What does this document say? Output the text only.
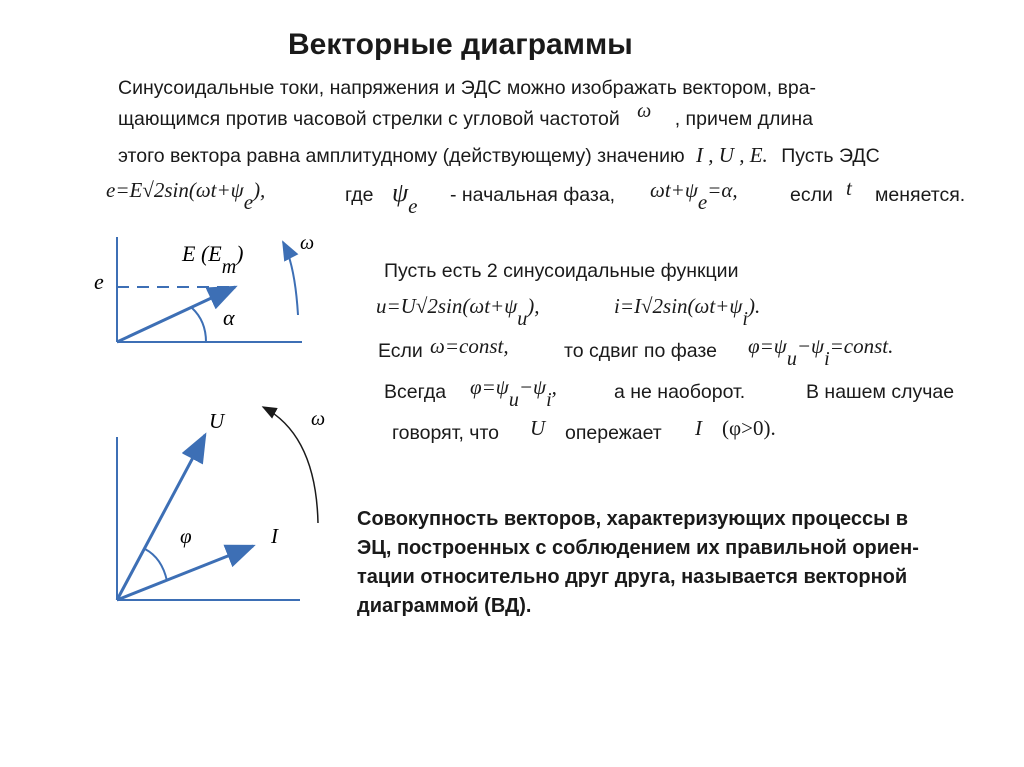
Векторные диаграммы
Синусоидальные токи, напряжения и ЭДС можно изображать вектором, вра-
щающимся против часовой стрелки с угловой частотой ω , причем длина
этого вектора равна амплитудному (действующему) значению I , U , E. Пусть ЭДС
e=E√2sin(ωt+ψe),	где ψe - начальная фаза, ωt+ψe=α,	если t меняется.
e
E (Em)	ω
α
U
I
φ
ω
Пусть есть 2 синусоидальные функции
u=U√2sin(ωt+ψu),	i=I√2sin(ωt+ψi).
Если ω=const,	то сдвиг по фазе φ=ψu−ψi=const.
Всегда φ=ψu−ψi,	а не наоборот.	В нашем случае
говорят, что U опережает I (φ>0).
Совокупность векторов, характеризующих процессы в
ЭЦ, построенных с соблюдением их правильной ориен-
тации относительно друг друга, называется векторной
диаграммой (ВД).
